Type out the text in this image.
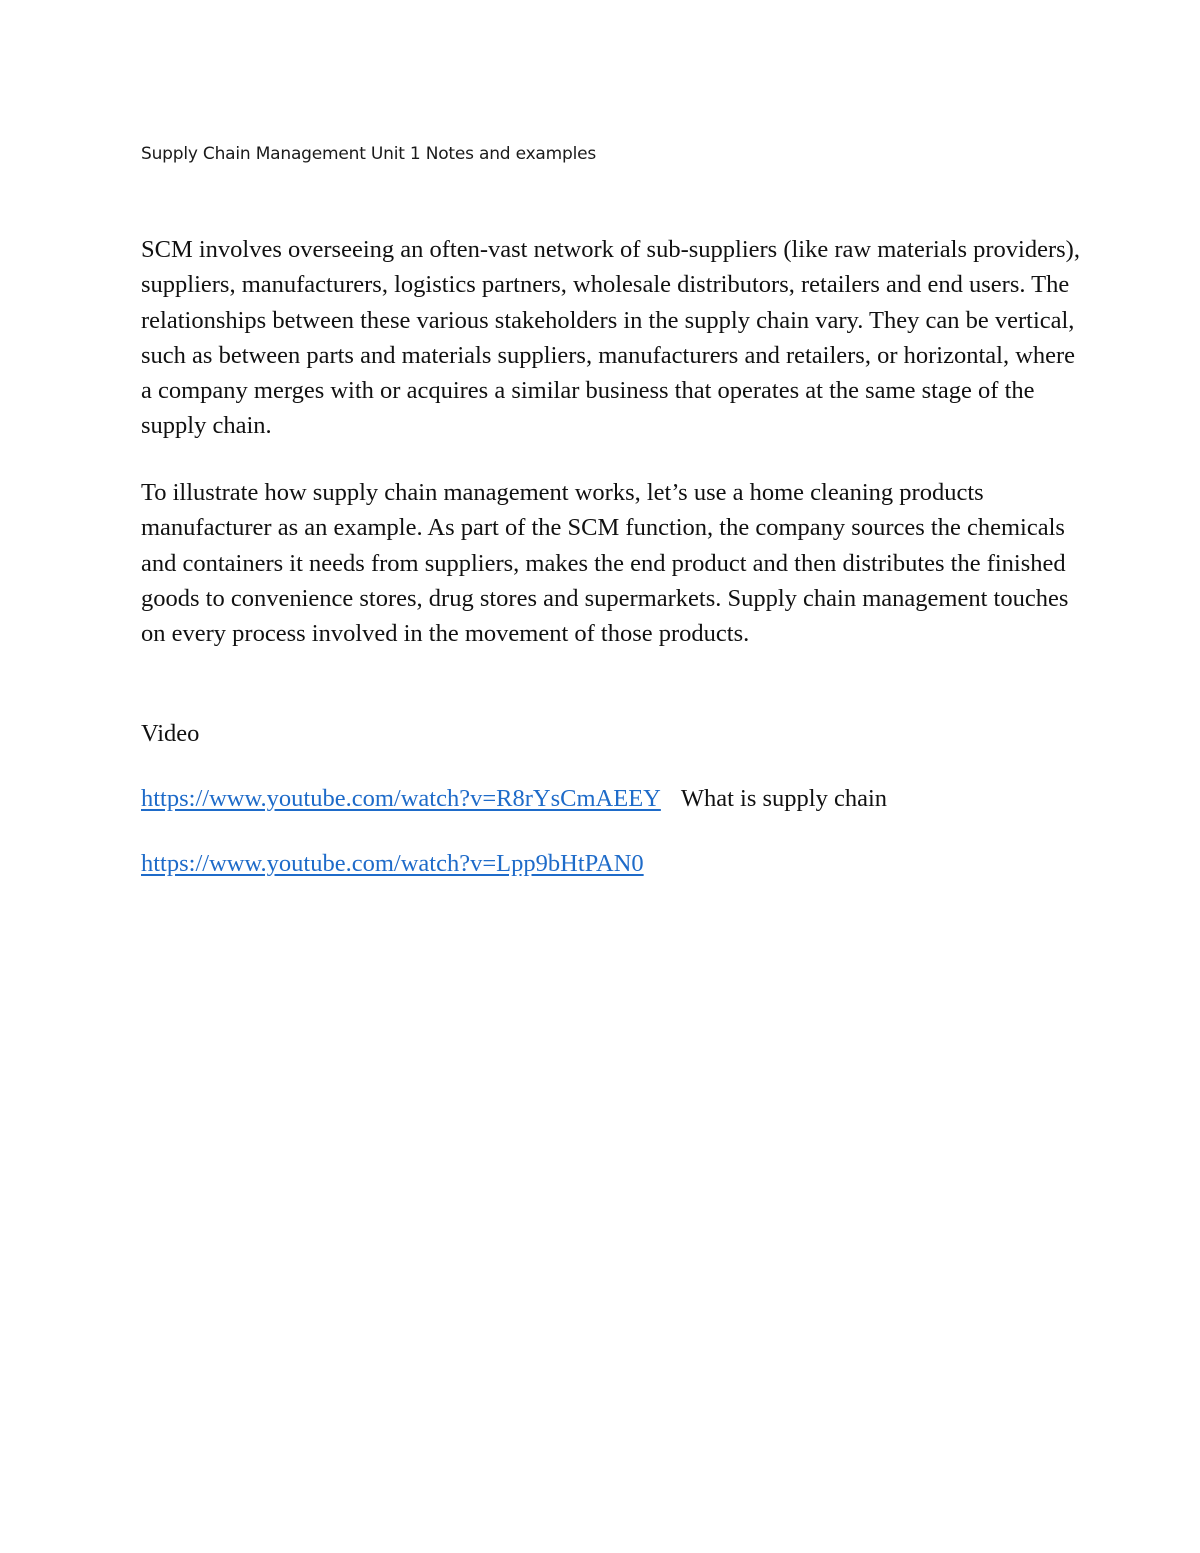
Supply Chain Management Unit 1 Notes and examples

SCM involves overseeing an often-vast network of sub-suppliers (like raw materials providers), suppliers, manufacturers, logistics partners, wholesale distributors, retailers and end users. The relationships between these various stakeholders in the supply chain vary. They can be vertical, such as between parts and materials suppliers, manufacturers and retailers, or horizontal, where a company merges with or acquires a similar business that operates at the same stage of the supply chain.

To illustrate how supply chain management works, let’s use a home cleaning products manufacturer as an example. As part of the SCM function, the company sources the chemicals and containers it needs from suppliers, makes the end product and then distributes the finished goods to convenience stores, drug stores and supermarkets. Supply chain management touches on every process involved in the movement of those products.

Video

https://www.youtube.com/watch?v=R8rYsCmAEEY What is supply chain

https://www.youtube.com/watch?v=Lpp9bHtPAN0
